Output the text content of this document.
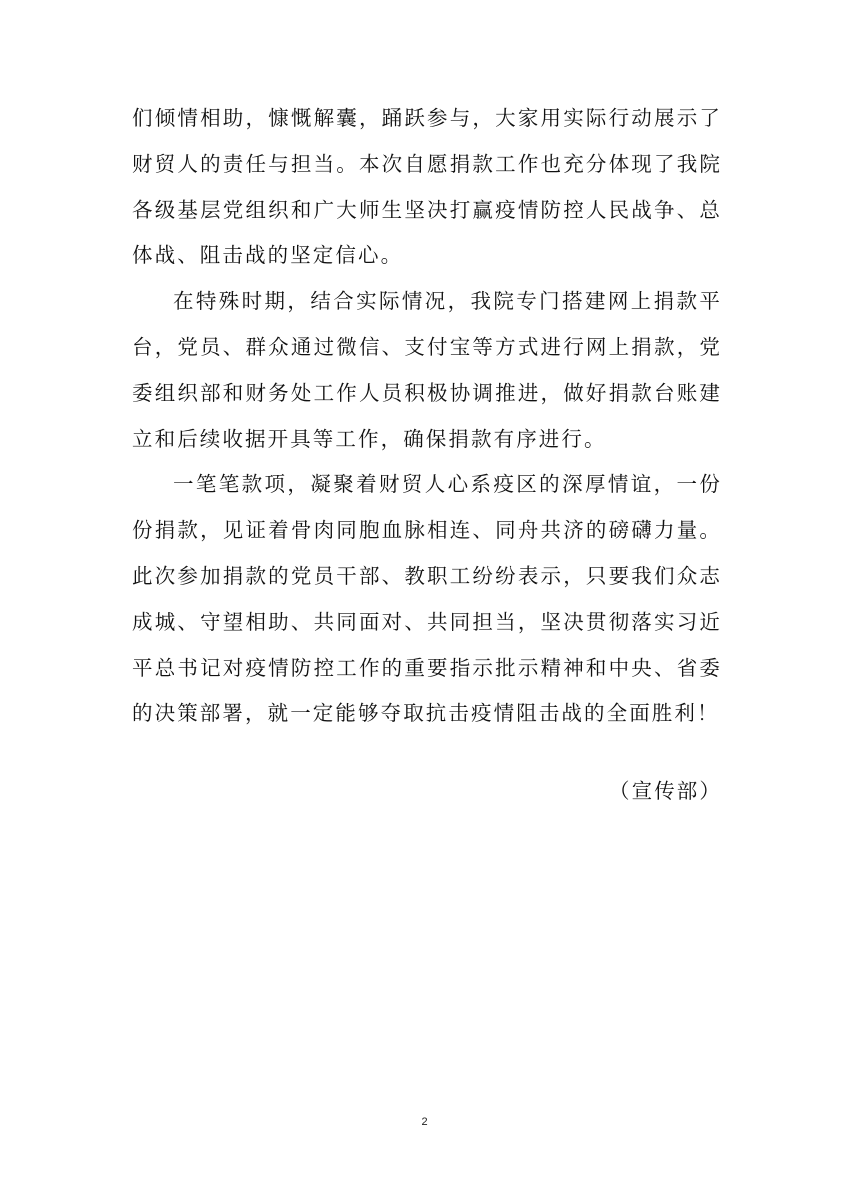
们倾情相助，慷慨解囊，踊跃参与，大家用实际行动展示了财贸人的责任与担当。本次自愿捐款工作也充分体现了我院各级基层党组织和广大师生坚决打赢疫情防控人民战争、总体战、阻击战的坚定信心。

在特殊时期，结合实际情况，我院专门搭建网上捐款平台，党员、群众通过微信、支付宝等方式进行网上捐款，党委组织部和财务处工作人员积极协调推进，做好捐款台账建立和后续收据开具等工作，确保捐款有序进行。

一笔笔款项，凝聚着财贸人心系疫区的深厚情谊，一份份捐款，见证着骨肉同胞血脉相连、同舟共济的磅礴力量。此次参加捐款的党员干部、教职工纷纷表示，只要我们众志成城、守望相助、共同面对、共同担当，坚决贯彻落实习近平总书记对疫情防控工作的重要指示批示精神和中央、省委的决策部署，就一定能够夺取抗击疫情阻击战的全面胜利！

（宣传部）
2
